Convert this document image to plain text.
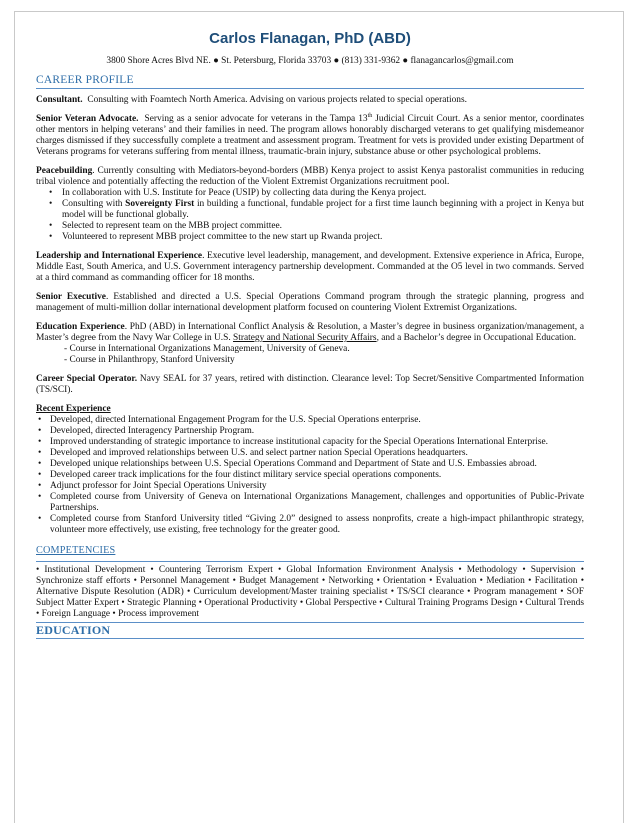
Carlos Flanagan, PhD (ABD)
3800 Shore Acres Blvd NE. ● St. Petersburg, Florida 33703 ● (813) 331-9362 ● flanagancarlos@gmail.com
CAREER PROFILE

Consultant. Consulting with Foamtech North America. Advising on various projects related to special operations.

Senior Veteran Advocate. Serving as a senior advocate for veterans in the Tampa 13th Judicial Circuit Court. As a senior mentor, coordinates other mentors in helping veterans’ and their families in need. The program allows honorably discharged veterans to get qualifying misdemeanor charges dismissed if they successfully complete a treatment and assessment program. Treatment for vets is provided under existing Department of Veterans programs for veterans suffering from mental illness, traumatic-brain injury, substance abuse or other psychological problems.

Peacebuilding. Currently consulting with Mediators-beyond-borders (MBB) Kenya project to assist Kenya pastoralist communities in reducing tribal violence and potentially affecting the reduction of the Violent Extremist Organizations recruitment pool.

• In collaboration with U.S. Institute for Peace (USIP) by collecting data during the Kenya project.
• Consulting with Sovereignty First in building a functional, fundable project for a first time launch beginning with a project in Kenya but model will be functional globally.
• Selected to represent team on the MBB project committee.
• Volunteered to represent MBB project committee to the new start up Rwanda project.

Leadership and International Experience. Executive level leadership, management, and development. Extensive experience in Africa, Europe, Middle East, South America, and U.S. Government interagency partnership development. Commanded at the O5 level in two commands. Served at a third command as commanding officer for 18 months.

Senior Executive. Established and directed a U.S. Special Operations Command program through the strategic planning, progress and management of multi-million dollar international development platform focused on countering Violent Extremist Organizations.

Education Experience. PhD (ABD) in International Conflict Analysis & Resolution, a Master’s degree in business organization/management, a Master’s degree from the Navy War College in U.S. Strategy and National Security Affairs, and a Bachelor’s degree in Occupational Education.

- Course in International Organizations Management, University of Geneva.
- Course in Philanthropy, Stanford University

Career Special Operator. Navy SEAL for 37 years, retired with distinction. Clearance level: Top Secret/Sensitive Compartmented Information (TS/SCI).

Recent Experience
• Developed, directed International Engagement Program for the U.S. Special Operations enterprise.
• Developed, directed Interagency Partnership Program.
• Improved understanding of strategic importance to increase institutional capacity for the Special Operations International Enterprise.
• Developed and improved relationships between U.S. and select partner nation Special Operations headquarters.
• Developed unique relationships between U.S. Special Operations Command and Department of State and U.S. Embassies abroad.
• Developed career track implications for the four distinct military service special operations components.
• Adjunct professor for Joint Special Operations University
• Completed course from University of Geneva on International Organizations Management, challenges and opportunities of Public-Private Partnerships.
• Completed course from Stanford University titled “Giving 2.0” designed to assess nonprofits, create a high-impact philanthropic strategy, volunteer more effectively, use existing, free technology for the greater good.
COMPETENCIES
• Institutional Development • Countering Terrorism Expert • Global Information Environment Analysis • Methodology • Supervision • Synchronize staff efforts • Personnel Management • Budget Management • Networking • Orientation • Evaluation • Mediation • Facilitation • Alternative Dispute Resolution (ADR) • Curriculum development/Master training specialist • TS/SCI clearance • Program management • SOF Subject Matter Expert • Strategic Planning • Operational Productivity • Global Perspective • Cultural Training Programs Design • Cultural Trends • Foreign Language • Process improvement
EDUCATION
